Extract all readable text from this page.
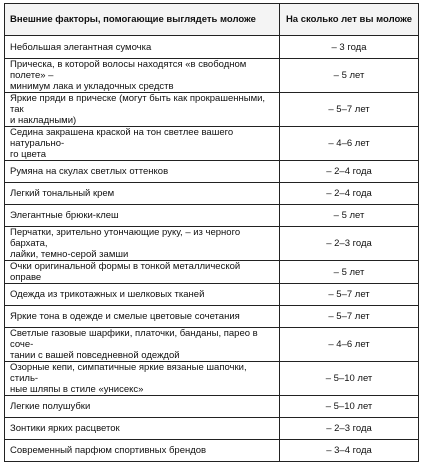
Внешние факторы, помогающие выглядеть моложе	На сколько лет вы моложе
Небольшая элегантная сумочка	– 3 года
Прическа, в которой волосы находятся «в свободном полете» –
минимум лака и укладочных средств	– 5 лет
Яркие пряди в прическе (могут быть как прокрашенными, так
и накладными)	– 5–7 лет
Седина закрашена краской на тон светлее вашего натурально-
го цвета	– 4–6 лет
Румяна на скулах светлых оттенков	– 2–4 года
Легкий тональный крем	– 2–4 года
Элегантные брюки-клеш	– 5 лет
Перчатки, зрительно утончающие руку, – из черного бархата,
лайки, темно-серой замши	– 2–3 года
Очки оригинальной формы в тонкой металлической оправе	– 5 лет
Одежда из трикотажных и шелковых тканей	– 5–7 лет
Яркие тона в одежде и смелые цветовые сочетания	– 5–7 лет
Светлые газовые шарфики, платочки, банданы, парео в соче-
тании с вашей повседневной одеждой	– 4–6 лет
Озорные кепи, симпатичные яркие вязаные шапочки, стиль-
ные шляпы в стиле «унисекс»	– 5–10 лет
Легкие полушубки	– 5–10 лет
Зонтики ярких расцветок	– 2–3 года
Современный парфюм спортивных брендов	– 3–4 года
